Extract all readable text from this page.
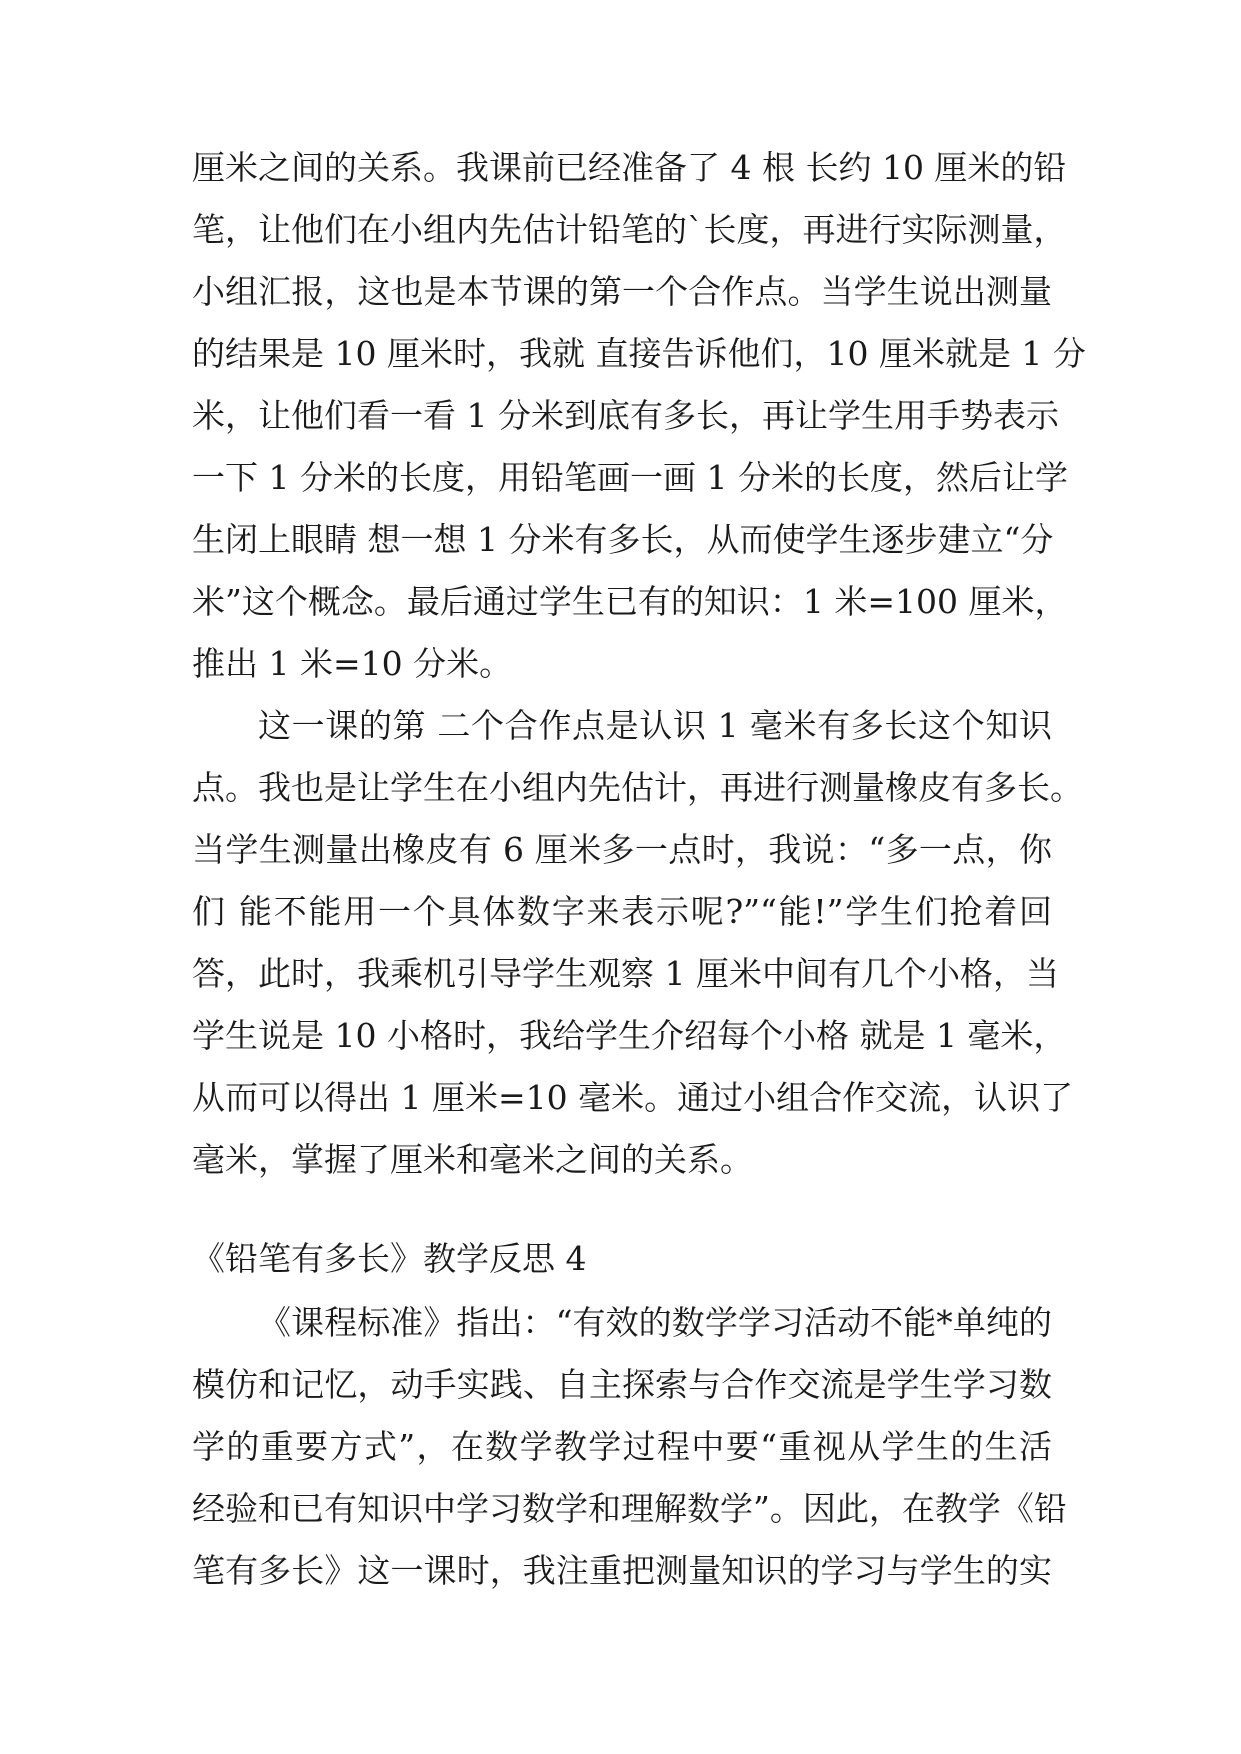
厘米之间的关系。我课前已经准备了 4 根 长约 10 厘米的铅
笔，让他们在小组内先估计铅笔的`长度，再进行实际测量，
小组汇报，这也是本节课的第一个合作点。当学生说出测量
的结果是 10 厘米时，我就 直接告诉他们，10 厘米就是 1 分
米，让他们看一看 1 分米到底有多长，再让学生用手势表示
一下 1 分米的长度，用铅笔画一画 1 分米的长度，然后让学
生闭上眼睛 想一想 1 分米有多长，从而使学生逐步建立“分
米”这个概念。最后通过学生已有的知识：1 米=100 厘米，
推出 1 米=10 分米。
这一课的第 二个合作点是认识 1 毫米有多长这个知识
点。我也是让学生在小组内先估计，再进行测量橡皮有多长。
当学生测量出橡皮有 6 厘米多一点时，我说：“多一点，你
们 能不能用一个具体数字来表示呢?”“能!”学生们抢着回
答，此时，我乘机引导学生观察 1 厘米中间有几个小格，当
学生说是 10 小格时，我给学生介绍每个小格 就是 1 毫米，
从而可以得出 1 厘米=10 毫米。通过小组合作交流，认识了
毫米，掌握了厘米和毫米之间的关系。
《铅笔有多长》教学反思 4
《课程标准》指出：“有效的数学学习活动不能*单纯的
模仿和记忆，动手实践、自主探索与合作交流是学生学习数
学的重要方式”，在数学教学过程中要“重视从学生的生活
经验和已有知识中学习数学和理解数学”。因此，在教学《铅
笔有多长》这一课时，我注重把测量知识的学习与学生的实
